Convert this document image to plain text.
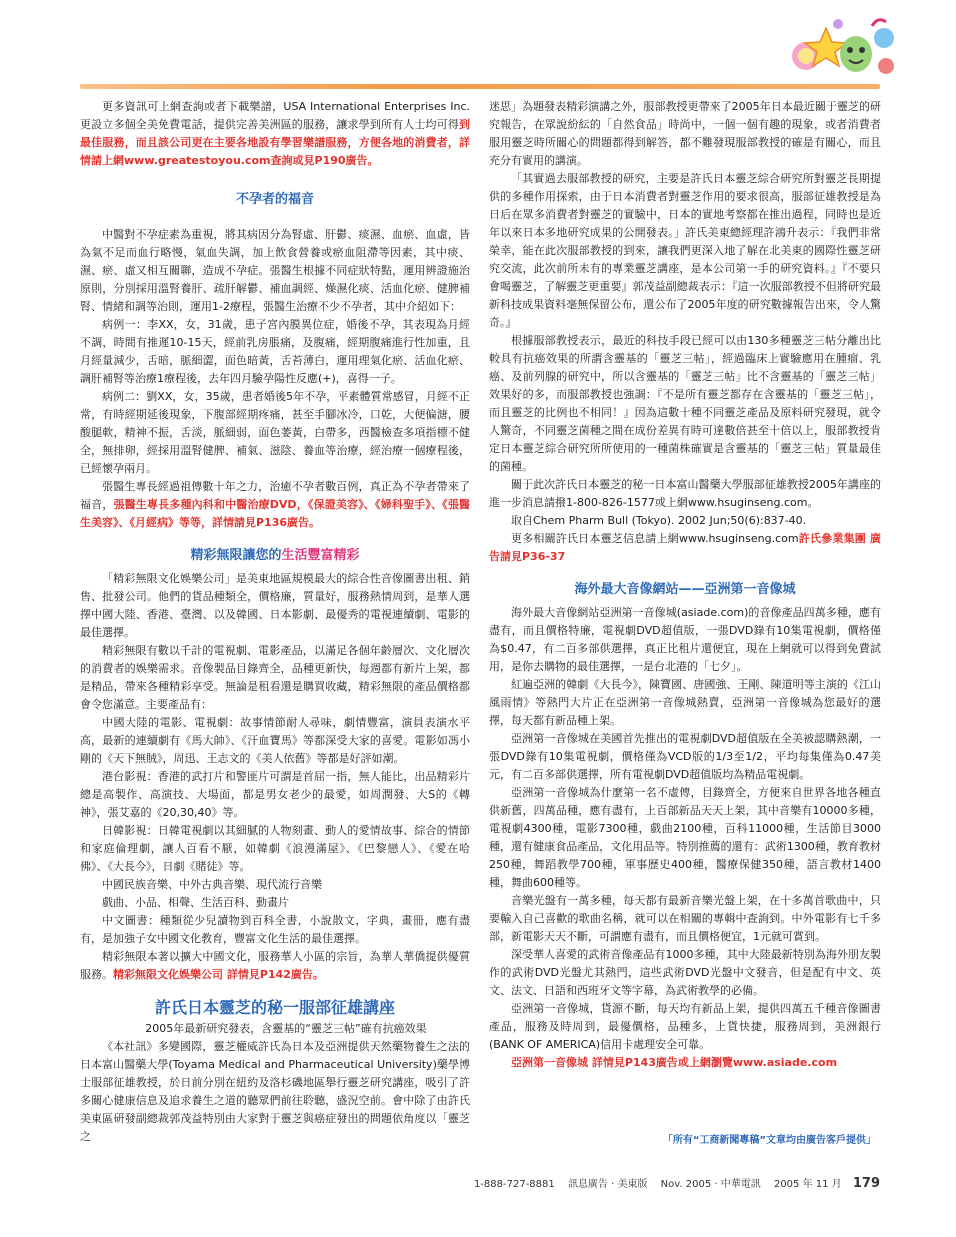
更多資訊可上網查詢或者下載樂譜，USA International Enterprises Inc. 更設立多個全美免費電話，提供完善美洲區的服務，讓求學到所有人士均可得到最佳服務，而且該公司更在主要各地設有學習樂譜服務，方便各地的消費者，詳情請上網www.greatestoyou.com查詢或見P190廣告。

不孕者的福音

中醫對不孕症素為重視，將其病因分為腎虛、肝鬱、痰濕、血瘀、血虛，皆為氣不足而血行略慢，氣血失調，加上飲食營養或瘀血阻滯等因素，其中痰、濕、瘀、虛又相互關聯，造成不孕症。張醫生根據不同症狀特點，運用辨證施治原則，分別採用溫腎養肝、疏肝解鬱、補血調經、燥濕化痰、活血化瘀、健脾補腎、情緒和調等治則，運用1-2療程，張醫生治療不少不孕者，其中介紹如下：

病例一：李XX，女，31歲，患子宮內膜異位症，婚後不孕，其表現為月經不調，時間有推遲10-15天，經前乳房脹痛，及腹痛，經期腹痛進行性加重，且月經量減少，舌暗，脈細澀，面色暗黃，舌苔薄白，運用理氣化瘀、活血化瘀、調肝補腎等治療1療程後，去年四月驗孕陽性反應(+)，喜得一子。

病例二：劉XX，女，35歲，患者婚後5年不孕，平素體質常感冒，月經不正常，有時經期延後現象，下腹部經期疼痛，甚至手腳冰冷，口乾，大便偏溏，腰酸腿軟，精神不振，舌淡，脈細弱，面色萎黃，白帶多，西醫檢查多項指標不健全，無排卵，經採用溫腎健脾、補氣、滋陰、養血等治療，經治療一個療程後，已經懷孕兩月。

張醫生專長經過祖傳數十年之力，治癒不孕者數百例，真正為不孕者帶來了福音，張醫生專長多種內科和中醫治療DVD，《保證美容》、《婦科聖手》、《張醫生美容》、《月經病》等等，詳情請見P136廣告。

精彩無限讓您的生活豐富精彩

「精彩無限文化娛樂公司」是美東地區規模最大的綜合性音像圖書出租、銷售、批發公司。他們的貨品種類全，價格廉，質量好，服務熱情周到，是華人選擇中國大陸、香港、臺灣、以及韓國、日本影劇、最優秀的電視連續劇、電影的最佳選擇。

精彩無限有數以千計的電視劇、電影產品，以滿足各個年齡層次、文化層次的消費者的娛樂需求。音像製品目錄齊全，品種更新快，每週都有新片上架，都是精品，帶來各種精彩享受。無論是租看還是購買收藏，精彩無限的產品價格都會令您滿意。主要產品有：

中國大陸的電影、電視劇：故事情節耐人尋味，劇情豐富，演員表演水平高，最新的連續劇有《馬大帥》、《汗血寶馬》等都深受大家的喜愛。電影如馮小剛的《天下無賊》，周迅、王志文的《美人依舊》等都是好評如潮。

港台影視：香港的武打片和警匪片可謂是首屈一指，無人能比，出品精彩片總是高製作、高演技、大場面，都是男女老少的最愛，如周潤發、大S的《轉神》，張艾嘉的《20,30,40》等。

日韓影視：日韓電視劇以其細膩的人物刻畫、動人的愛情故事、綜合的情節和家庭倫理劇，讓人百看不厭，如韓劇《浪漫滿屋》、《巴黎戀人》、《愛在哈佛》、《大長今》，日劇《賭徒》等。

中國民族音樂、中外古典音樂、現代流行音樂

戲曲、小品、相聲、生活百科、動畫片

中文圖書：種類從少兒讀物到百科全書，小說散文，字典，畫冊，應有盡有，是加強子女中國文化教育，豐富文化生活的最佳選擇。

精彩無限本著以擴大中國文化，服務華人小區的宗旨，為華人華僑提供優質服務。精彩無限文化娛樂公司 詳情見P142廣告。

許氏日本靈芝的秘一服部征雄講座

2005年最新研究發表，含靈基的“靈芝三帖”確有抗癌效果

《本社訊》多變國際，靈芝權威許氏為日本及亞洲提供天然藥物養生之法的日本富山醫藥大學(Toyama Medical and Pharmaceutical University)藥學博士服部征雄教授，於日前分別在紐約及洛杉磯地區舉行靈芝研究講座，吸引了許多關心健康信息及追求養生之道的聽眾們前往聆聽，盛況空前。會中除了由許氏美東區研發副總裁郭茂益特別由大家對于靈芝與癌症發出的問題依角度以「靈芝之

迷思」為題發表精彩演講之外，服部教授更帶來了2005年日本最近關于靈芝的研究報告，在眾說紛紜的「自然食品」時尚中，一個一個有趣的現象，或者消費者服用靈芝時所關心的問題都得到解答，都不難發現服部教授的確是有關心，而且充分有實用的講演。

「其實過去服部教授的研究，主要是許氏日本靈芝綜合研究所對靈芝長期提供的多種作用探索，由于日本消費者對靈芝作用的要求很高，服部征雄教授是為日后在眾多消費者對靈芝的實驗中，日本的實地考察都在推出過程，同時也是近年以來日本多地研究成果的公開發表。」許氏美東總經理許鴻升表示：『我們非常榮幸，能在此次服部教授的到來，讓我們更深入地了解在北美東的國際性靈芝研究交流，此次前所未有的專業靈芝講座，是本公司第一手的研究資料。』『不要只會喝靈芝，了解靈芝更重要』郭茂益副總裁表示：『這一次服部教授不但將研究最新科技成果資料毫無保留公布，還公布了2005年度的研究數據報告出來，令人驚奇。』

根據服部教授表示，最近的科技手段已經可以由130多種靈芝三帖分離出比較具有抗癌效果的所謂含靈基的「靈芝三帖」，經過臨床上實驗應用在腫瘤、乳癌、及前列腺的研究中，所以含靈基的「靈芝三帖」比不含靈基的「靈芝三帖」效果好的多，而服部教授也強調：『不是所有靈芝都存在含靈基的「靈芝三帖」，而且靈芝的比例也不相同！』因為這數十種不同靈芝產品及原料研究發現，就令人驚奇，不同靈芝菌種之間在成份差異有時可達數倍甚至十倍以上，服部教授肯定日本靈芝綜合研究所所使用的一種菌株確實是含靈基的「靈芝三帖」質量最佳的菌種。

關于此次許氏日本靈芝的秘一日本富山醫藥大學服部征雄教授2005年講座的進一步消息請撥1-800-826-1577或上網www.hsuginseng.com。

取自Chem Pharm Bull (Tokyo). 2002 Jun;50(6):837-40.

更多相關許氏日本靈芝信息請上網www.hsuginseng.com許氏參業集團 廣告請見P36-37

海外最大音像網站——亞洲第一音像城

海外最大音像網站亞洲第一音像城(asiade.com)的音像產品四萬多種，應有盡有，而且價格特廉，電視劇DVD超值版，一張DVD錄有10集電視劇，價格僅為$0.47，有二百多部供選擇，真正比租片還便宜，現在上網就可以得到免費試用，是你去購物的最佳選擇，一是台北港的「七夕」。

紅遍亞洲的韓劇《大長今》，陳寶國、唐國強、王剛、陳道明等主演的《江山風雨情》等熱門大片正在亞洲第一音像城熱賣，亞洲第一音像城為您最好的選擇，每天都有新品種上架。

亞洲第一音像城在美國首先推出的電視劇DVD超值版在全美被認購熱潮，一張DVD錄有10集電視劇，價格僅為VCD版的1/3至1/2，平均每集僅為0.47美元，有二百多部供選擇，所有電視劇DVD超值版均為精品電視劇。

亞洲第一音像城為什麼第一名不虛傳，目錄齊全，方便來自世界各地各種直供新舊，四萬品種，應有盡有，上百部新品天天上架，其中音樂有10000多種，電視劇4300種，電影7300種，戲曲2100種，百科11000種，生活節目3000種，還有健康食品產品，文化用品等。特別推薦的還有：武術1300種，教育教材250種，舞蹈教學700種，軍事歷史400種，醫療保健350種，語言教材1400種，舞曲600種等。

音樂光盤有一萬多種，每天都有最新音樂光盤上架，在十多萬首歌曲中，只要輸入自己喜歡的歌曲名稱，就可以在相關的專輯中查詢到。中外電影有七千多部，新電影天天不斷，可謂應有盡有，而且價格便宜，1元就可賞到。

深受華人喜愛的武術音像產品有1000多種，其中大陸最新特別為海外朋友製作的武術DVD光盤尤其熱門，這些武術DVD光盤中文發音，但是配有中文、英文、法文、日語和西班牙文等字幕，為武術教學的必備。

亞洲第一音像城，貨源不斷，每天均有新品上架，提供四萬五千種音像圖書產品，服務及時周到，最優價格，品種多，上貨快捷，服務周到，美洲銀行(BANK OF AMERICA)信用卡處理安全可靠。

亞洲第一音像城 詳情見P143廣告或上網瀏覽www.asiade.com

「所有“工商新聞專稿”文章均由廣告客戶提供」
1-888-727-8881 訊息廣告 · 美東版 Nov. 2005 · 中華電訊 2005 年 11 月 179
